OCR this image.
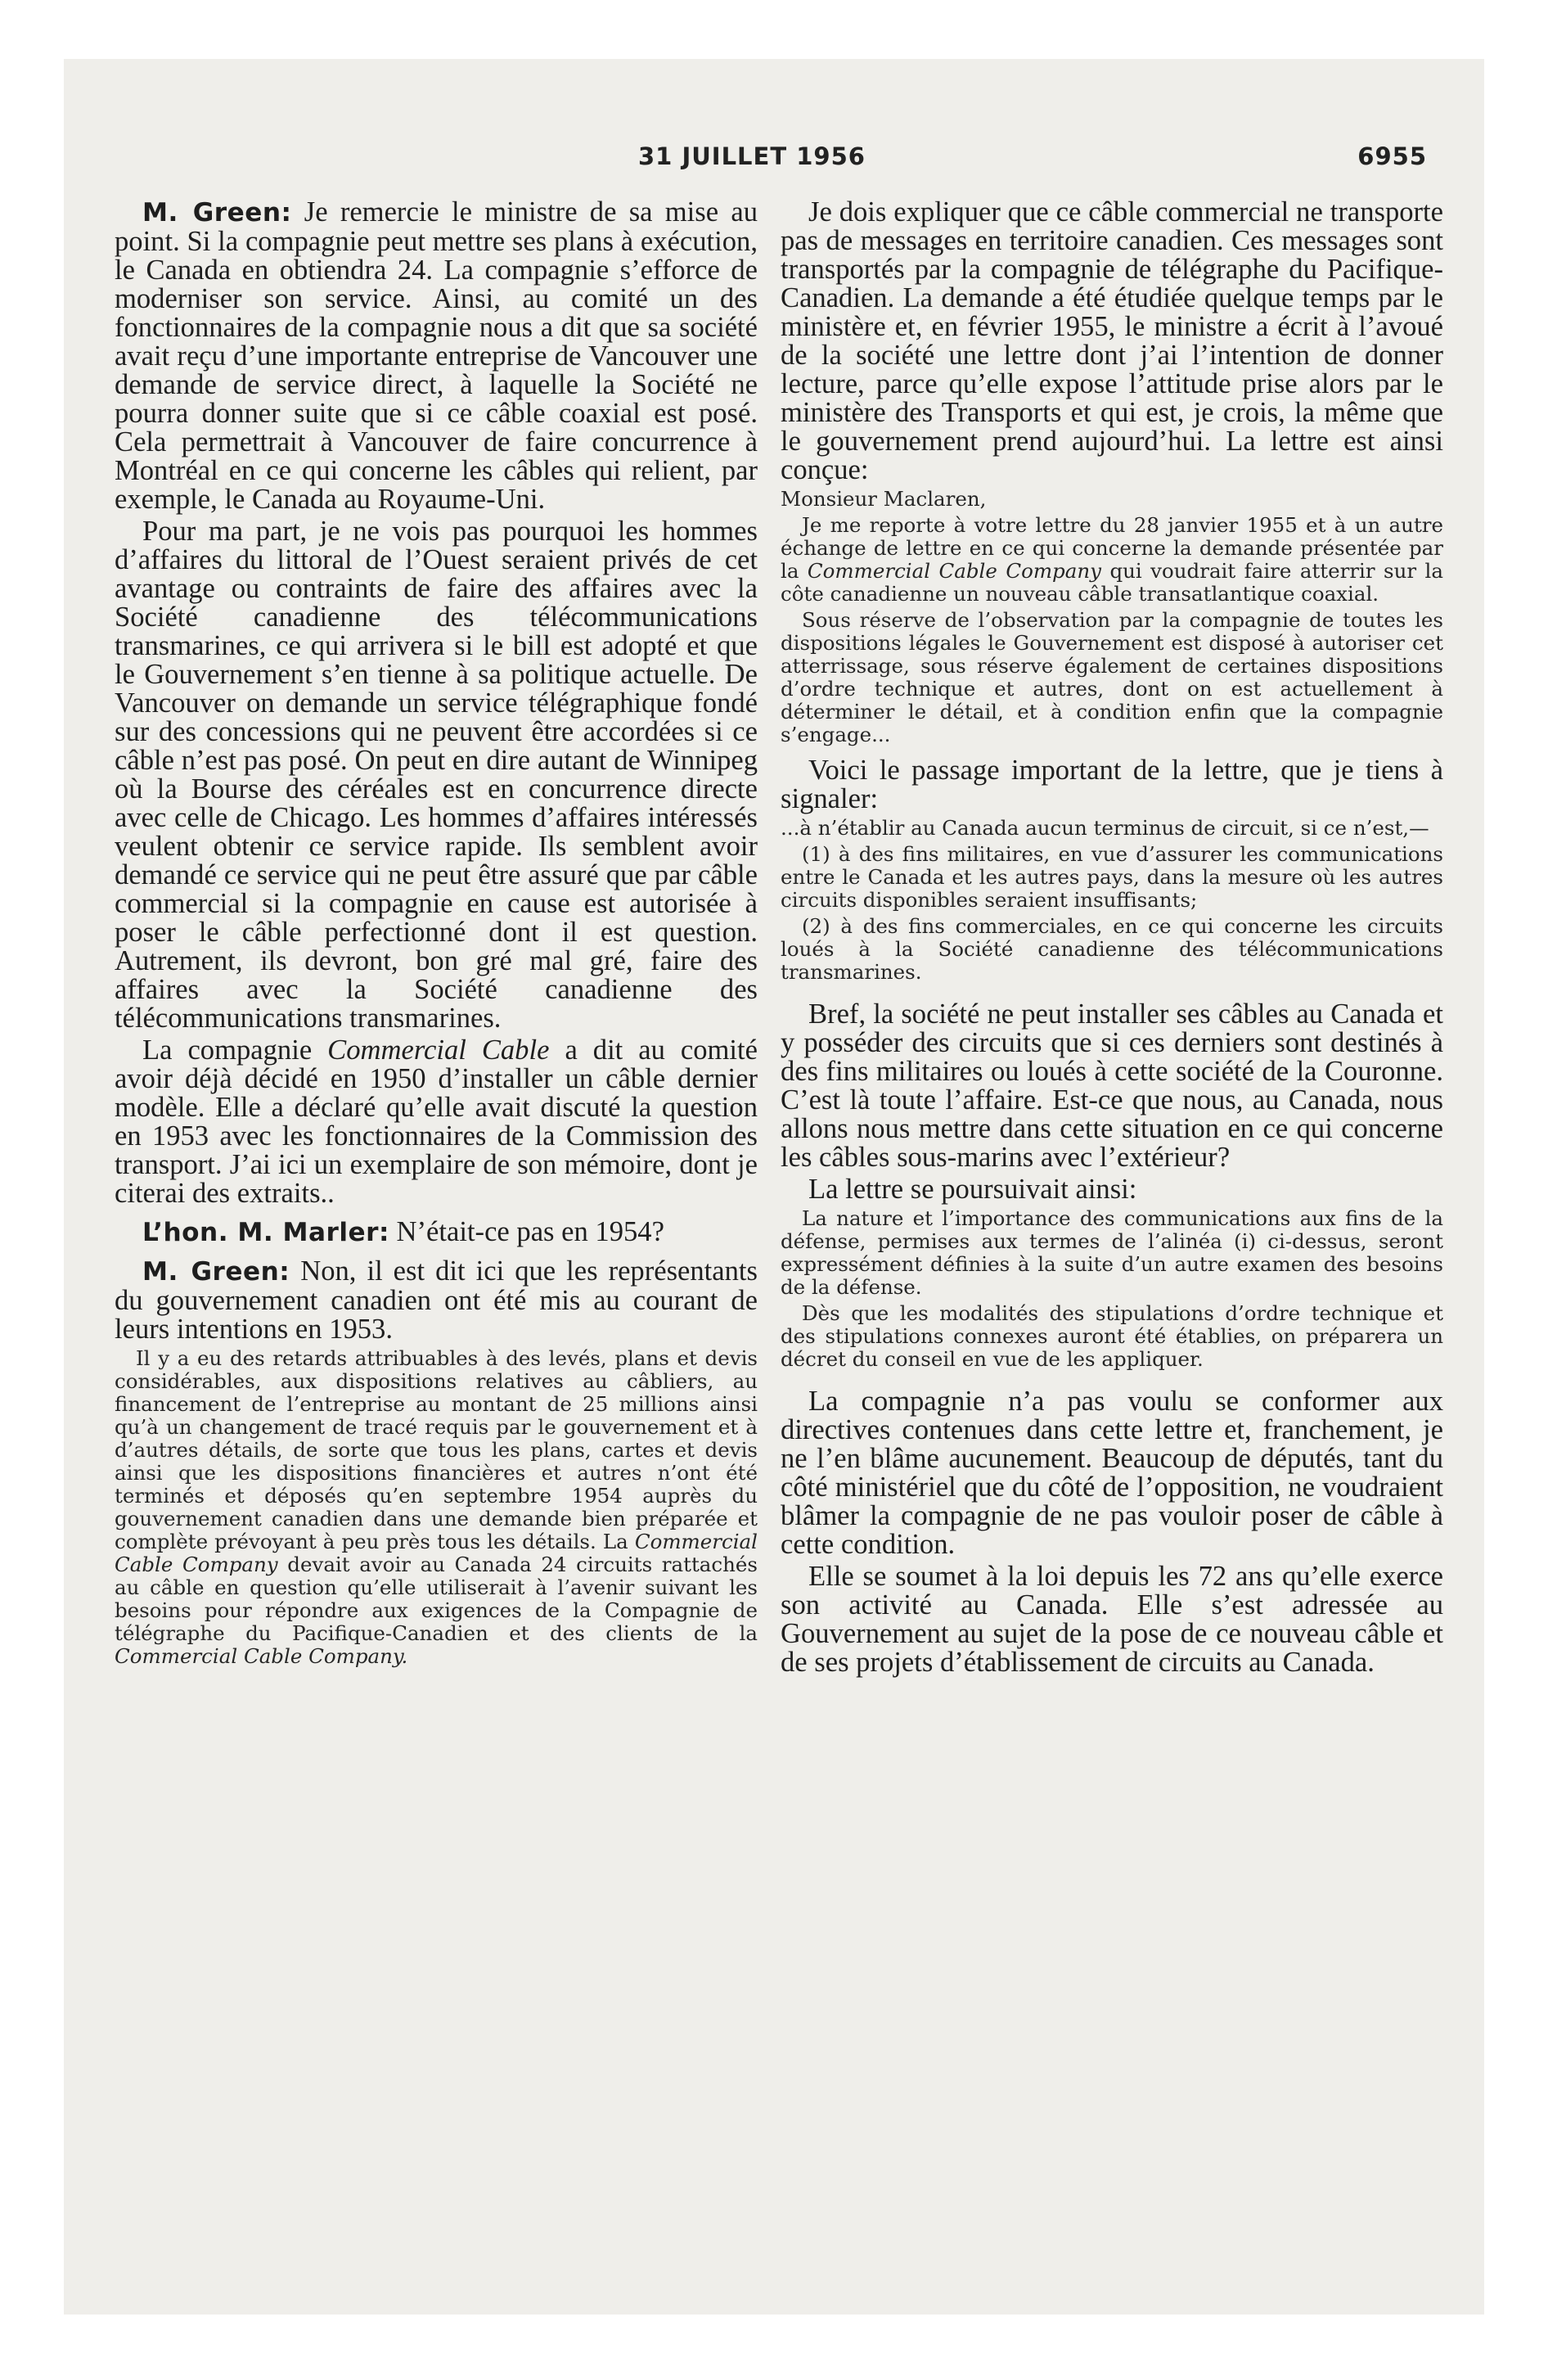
31 JUILLET 1956	6955

M. Green: Je remercie le ministre de sa mise au point. Si la compagnie peut mettre ses plans à exécution, le Canada en obtiendra 24. La compagnie s’efforce de moderniser son service. Ainsi, au comité un des fonctionnaires de la compagnie nous a dit que sa société avait reçu d’une importante entreprise de Vancouver une demande de service direct, à laquelle la Société ne pourra donner suite que si ce câble coaxial est posé. Cela permettrait à Vancouver de faire concurrence à Montréal en ce qui concerne les câbles qui relient, par exemple, le Canada au Royaume-Uni.

Pour ma part, je ne vois pas pourquoi les hommes d’affaires du littoral de l’Ouest seraient privés de cet avantage ou contraints de faire des affaires avec la Société canadienne des télécommunications transmarines, ce qui arrivera si le bill est adopté et que le Gouvernement s’en tienne à sa politique actuelle. De Vancouver on demande un service télégraphique fondé sur des concessions qui ne peuvent être accordées si ce câble n’est pas posé. On peut en dire autant de Winnipeg où la Bourse des céréales est en concurrence directe avec celle de Chicago. Les hommes d’affaires intéressés veulent obtenir ce service rapide. Ils semblent avoir demandé ce service qui ne peut être assuré que par câble commercial si la compagnie en cause est autorisée à poser le câble perfectionné dont il est question. Autrement, ils devront, bon gré mal gré, faire des affaires avec la Société canadienne des télécommunications transmarines.

La compagnie Commercial Cable a dit au comité avoir déjà décidé en 1950 d’installer un câble dernier modèle. Elle a déclaré qu’elle avait discuté la question en 1953 avec les fonctionnaires de la Commission des transport. J’ai ici un exemplaire de son mémoire, dont je citerai des extraits..

L’hon. M. Marler: N’était-ce pas en 1954?

M. Green: Non, il est dit ici que les représentants du gouvernement canadien ont été mis au courant de leurs intentions en 1953.

Il y a eu des retards attribuables à des levés, plans et devis considérables, aux dispositions relatives au câbliers, au financement de l’entreprise au montant de 25 millions ainsi qu’à un changement de tracé requis par le gouvernement et à d’autres détails, de sorte que tous les plans, cartes et devis ainsi que les dispositions financières et autres n’ont été terminés et déposés qu’en septembre 1954 auprès du gouvernement canadien dans une demande bien préparée et complète prévoyant à peu près tous les détails. La Commercial Cable Company devait avoir au Canada 24 circuits rattachés au câble en question qu’elle utiliserait à l’avenir suivant les besoins pour répondre aux exigences de la Compagnie de télégraphe du Pacifique-Canadien et des clients de la Commercial Cable Company.

Je dois expliquer que ce câble commercial ne transporte pas de messages en territoire canadien. Ces messages sont transportés par la compagnie de télégraphe du Pacifique-Canadien. La demande a été étudiée quelque temps par le ministère et, en février 1955, le ministre a écrit à l’avoué de la société une lettre dont j’ai l’intention de donner lecture, parce qu’elle expose l’attitude prise alors par le ministère des Transports et qui est, je crois, la même que le gouvernement prend aujourd’hui. La lettre est ainsi conçue:

Monsieur Maclaren,

Je me reporte à votre lettre du 28 janvier 1955 et à un autre échange de lettre en ce qui concerne la demande présentée par la Commercial Cable Company qui voudrait faire atterrir sur la côte canadienne un nouveau câble transatlantique coaxial.

Sous réserve de l’observation par la compagnie de toutes les dispositions légales le Gouvernement est disposé à autoriser cet atterrissage, sous réserve également de certaines dispositions d’ordre technique et autres, dont on est actuellement à déterminer le détail, et à condition enfin que la compagnie s’engage...

Voici le passage important de la lettre, que je tiens à signaler:

...à n’établir au Canada aucun terminus de circuit, si ce n’est,—

(1) à des fins militaires, en vue d’assurer les communications entre le Canada et les autres pays, dans la mesure où les autres circuits disponibles seraient insuffisants;

(2) à des fins commerciales, en ce qui concerne les circuits loués à la Société canadienne des télécommunications transmarines.

Bref, la société ne peut installer ses câbles au Canada et y posséder des circuits que si ces derniers sont destinés à des fins militaires ou loués à cette société de la Couronne. C’est là toute l’affaire. Est-ce que nous, au Canada, nous allons nous mettre dans cette situation en ce qui concerne les câbles sous-marins avec l’extérieur?

La lettre se poursuivait ainsi:

La nature et l’importance des communications aux fins de la défense, permises aux termes de l’alinéa (i) ci-dessus, seront expressément définies à la suite d’un autre examen des besoins de la défense.

Dès que les modalités des stipulations d’ordre technique et des stipulations connexes auront été établies, on préparera un décret du conseil en vue de les appliquer.

La compagnie n’a pas voulu se conformer aux directives contenues dans cette lettre et, franchement, je ne l’en blâme aucunement. Beaucoup de députés, tant du côté ministériel que du côté de l’opposition, ne voudraient blâmer la compagnie de ne pas vouloir poser de câble à cette condition.

Elle se soumet à la loi depuis les 72 ans qu’elle exerce son activité au Canada. Elle s’est adressée au Gouvernement au sujet de la pose de ce nouveau câble et de ses projets d’établissement de circuits au Canada.
